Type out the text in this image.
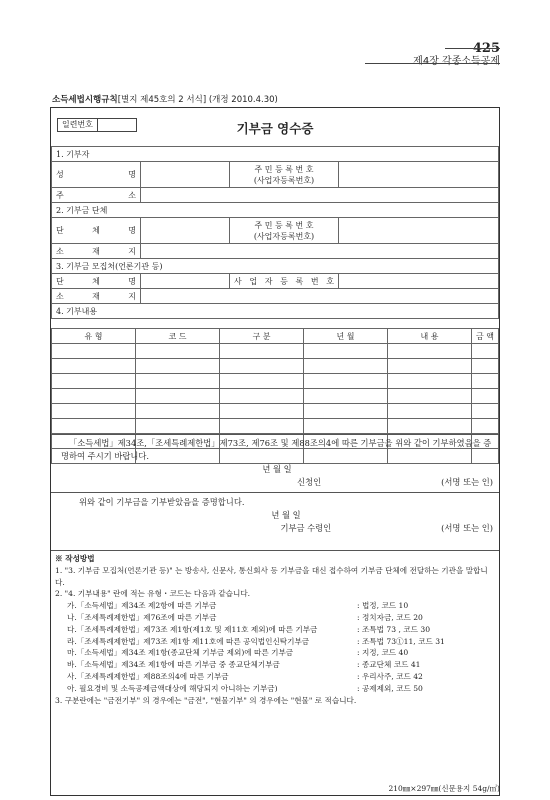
425
제4장 각종소득공제
소득세법시행규칙[별지 제45호의 2 서식] (개정 2010.4.30)
일련번호	기부금 영수증
1. 기부자			
성 명		주 민 등 록 번 호
(사업자등록번호)	
주 소			
2. 기부금 단체			
단 체 명		주 민 등 록 번 호
(사업자등록번호)	
소 재 지			
3. 기부금 모집처(언론기관 등)			
단 체 명		사 업 자 등 록 번 호	
소 재 지			
4. 기부내용			
유 형	코 드	구 분	년 월	내 용	금 액

「소득세법」제34조,「조세특례제한법」제73조, 제76조 및 제88조의4에 따른 기부금을 위와 같이 기부하였음을 증명하여 주시기 바랍니다.
년 월 일
신청인	(서명 또는 인)
위와 같이 기부금을 기부받았음을 증명합니다.
년 월 일
기부금 수령인	(서명 또는 인)
※ 작성방법
1. "3. 기부금 모집처(언론기관 등)" 는 방송사, 신문사, 통신회사 등 기부금을 대신 접수하여 기부금 단체에 전달하는 기관을 말합니다.
2. "4. 기부내용" 란에 적는 유형・코드는 다음과 같습니다.
가.「소득세법」제34조 제2항에 따른 기부금	: 법정, 코드 10
나.「조세특례제한법」제76조에 따른 기부금	: 정치자금, 코드 20
다.「조세특례제한법」제73조 제1항(제1호 및 제11호 제외)에 따른 기부금	: 조특법 73 , 코드 30
라.「조세특례제한법」제73조 제1항 제11호에 따른 공익법인신탁기부금	: 조특법 73①11, 코드 31
마.「소득세법」제34조 제1항(종교단체 기부금 제외)에 따른 기부금	: 지정, 코드 40
바.「소득세법」제34조 제1항에 따른 기부금 중 종교단체기부금	: 종교단체 코드 41
사.「조세특례제한법」제88조의4에 따른 기부금	: 우리사주, 코드 42
아. 필요경비 및 소득공제금액대상에 해당되지 아니하는 기부금)	: 공제제외, 코드 50
3. 구분란에는 "금전기부" 의 경우에는 "금전", "현물기부" 의 경우에는 "현물" 로 적습니다.
210㎜×297㎜(신문용지 54g/㎡)
